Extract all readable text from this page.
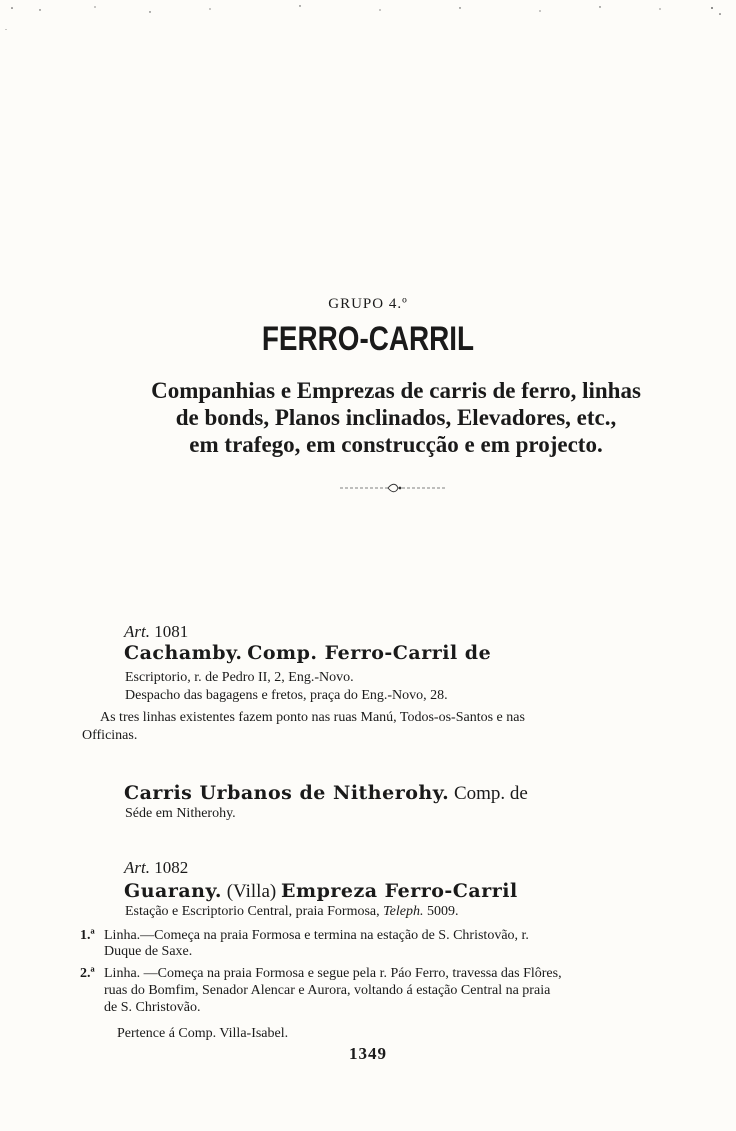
GRUPO 4.º
FERRO-CARRIL
Companhias e Emprezas de carris de ferro, linhas
de bonds, Planos inclinados, Elevadores, etc.,
em trafego, em construcção e em projecto.
Art. 1081
Cachamby. Comp. Ferro-Carril de
Escriptorio, r. de Pedro II, 2, Eng.-Novo.
Despacho das bagagens e fretos, praça do Eng.-Novo, 28.
As tres linhas existentes fazem ponto nas ruas Manú, Todos-os-Santos e nas
Officinas.
Carris Urbanos de Nitherohy. Comp. de
Séde em Nitherohy.
Art. 1082
Guarany. (Villa) Empreza Ferro-Carril
Estação e Escriptorio Central, praia Formosa, Teleph. 5009.
1.ª Linha.—Começa na praia Formosa e termina na estação de S. Christovão, r.
Duque de Saxe.
2.ª Linha. —Começa na praia Formosa e segue pela r. Páo Ferro, travessa das Flôres,
ruas do Bomfim, Senador Alencar e Aurora, voltando á estação Central na praia
de S. Christovão.
Pertence á Comp. Villa-Isabel.
1349
